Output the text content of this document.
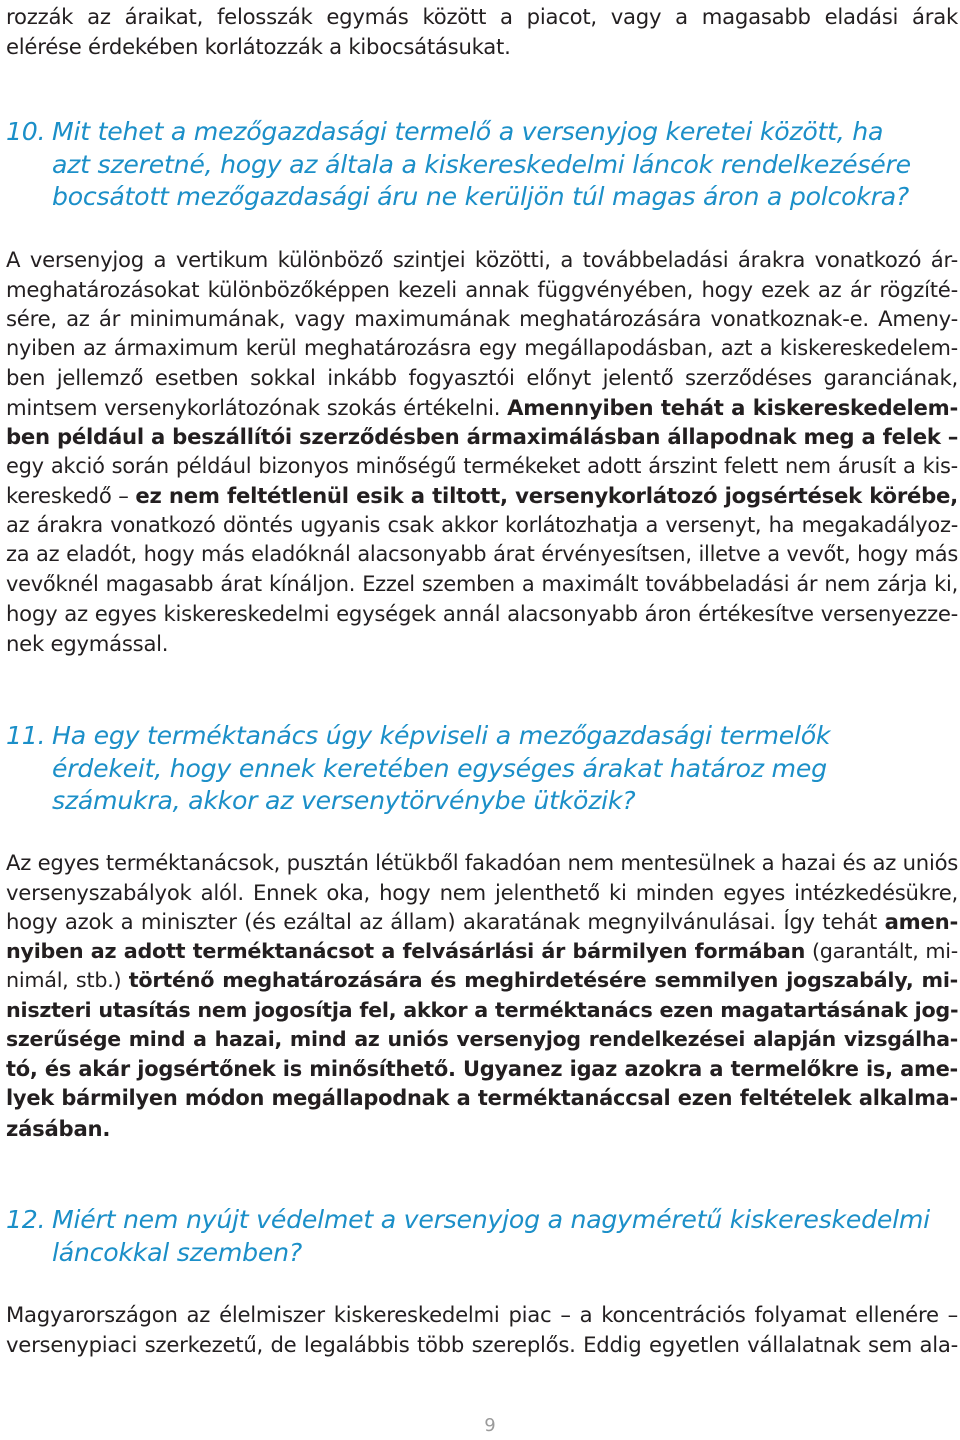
rozzák az áraikat, felosszák egymás között a piacot, vagy a magasabb eladási árak
elérése érdekében korlátozzák a kibocsátásukat.
10. Mit tehet a mezőgazdasági termelő a versenyjog keretei között, ha
azt szeretné, hogy az általa a kiskereskedelmi láncok rendelkezésére
bocsátott mezőgazdasági áru ne kerüljön túl magas áron a polcokra?
A versenyjog a vertikum különböző szintjei közötti, a továbbeladási árakra vonatkozó ár-
meghatározásokat különbözőképpen kezeli annak függvényében, hogy ezek az ár rögzíté-
sére, az ár minimumának, vagy maximumának meghatározására vonatkoznak-e. Ameny-
nyiben az ármaximum kerül meghatározásra egy megállapodásban, azt a kiskereskedelem-
ben jellemző esetben sokkal inkább fogyasztói előnyt jelentő szerződéses garanciának,
mintsem versenykorlátozónak szokás értékelni. Amennyiben tehát a kiskereskedelem-
ben például a beszállítói szerződésben ármaximálásban állapodnak meg a felek –
egy akció során például bizonyos minőségű termékeket adott árszint felett nem árusít a kis-
kereskedő – ez nem feltétlenül esik a tiltott, versenykorlátozó jogsértések körébe,
az árakra vonatkozó döntés ugyanis csak akkor korlátozhatja a versenyt, ha megakadályoz-
za az eladót, hogy más eladóknál alacsonyabb árat érvényesítsen, illetve a vevőt, hogy más
vevőknél magasabb árat kínáljon. Ezzel szemben a maximált továbbeladási ár nem zárja ki,
hogy az egyes kiskereskedelmi egységek annál alacsonyabb áron értékesítve versenyezze-
nek egymással.
11. Ha egy terméktanács úgy képviseli a mezőgazdasági termelők
érdekeit, hogy ennek keretében egységes árakat határoz meg
számukra, akkor az versenytörvénybe ütközik?
Az egyes terméktanácsok, pusztán létükből fakadóan nem mentesülnek a hazai és az uniós
versenyszabályok alól. Ennek oka, hogy nem jelenthető ki minden egyes intézkedésükre,
hogy azok a miniszter (és ezáltal az állam) akaratának megnyilvánulásai. Így tehát amen-
nyiben az adott terméktanácsot a felvásárlási ár bármilyen formában (garantált, mi-
nimál, stb.) történő meghatározására és meghirdetésére semmilyen jogszabály, mi-
niszteri utasítás nem jogosítja fel, akkor a terméktanács ezen magatartásának jog-
szerűsége mind a hazai, mind az uniós versenyjog rendelkezései alapján vizsgálha-
tó, és akár jogsértőnek is minősíthető. Ugyanez igaz azokra a termelőkre is, ame-
lyek bármilyen módon megállapodnak a terméktanáccsal ezen feltételek alkalma-
zásában.
12. Miért nem nyújt védelmet a versenyjog a nagyméretű kiskereskedelmi
láncokkal szemben?
Magyarországon az élelmiszer kiskereskedelmi piac – a koncentrációs folyamat ellenére –
versenypiaci szerkezetű, de legalábbis több szereplős. Eddig egyetlen vállalatnak sem ala-
9
